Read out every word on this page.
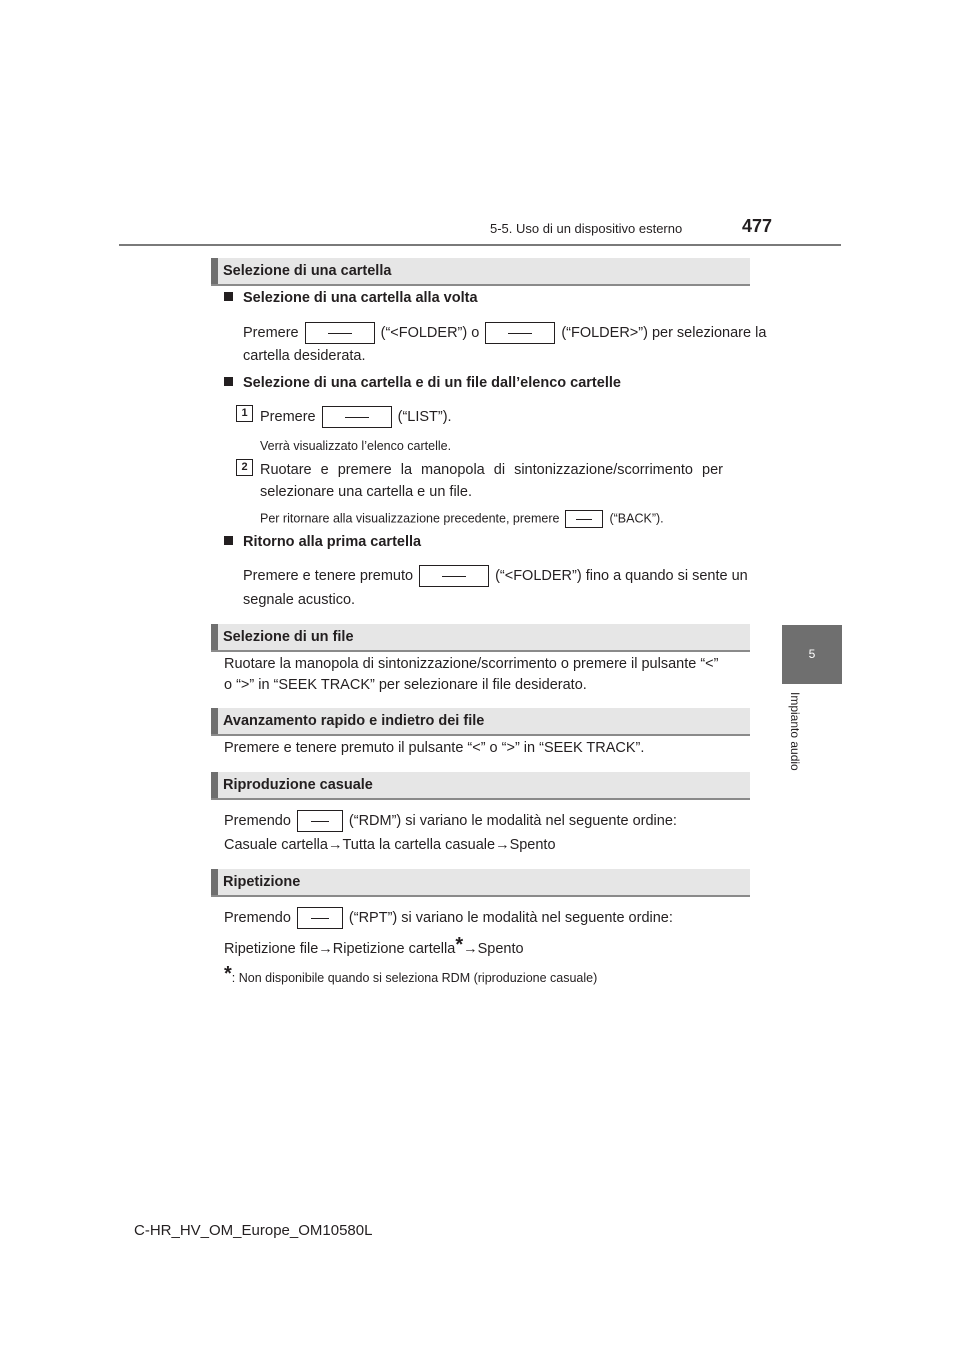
5-5. Uso di un dispositivo esterno	477
5
Impianto audio
Selezione di una cartella
Selezione di una cartella alla volta
Premere	(“<FOLDER”) o	(“FOLDER>”) per selezionare la
cartella desiderata.
Selezione di una cartella e di un file dall’elenco cartelle
1 Premere	(“LIST”).
Verrà visualizzato l’elenco cartelle.
2 Ruotare e premere la manopola di sintonizzazione/scorrimento per
selezionare una cartella e un file.
Per ritornare alla visualizzazione precedente, premere	(“BACK”).
Ritorno alla prima cartella
Premere e tenere premuto	(“<FOLDER”) fino a quando si sente un
segnale acustico.
Selezione di un file
Ruotare la manopola di sintonizzazione/scorrimento o premere il pulsante “<”
o “>” in “SEEK TRACK” per selezionare il file desiderato.
Avanzamento rapido e indietro dei file
Premere e tenere premuto il pulsante “<” o “>” in “SEEK TRACK”.
Riproduzione casuale
Premendo	(“RDM”) si variano le modalità nel seguente ordine:
Casuale cartella→Tutta la cartella casuale→Spento
Ripetizione
Premendo	(“RPT”) si variano le modalità nel seguente ordine:
Ripetizione file→Ripetizione cartella*→Spento
*: Non disponibile quando si seleziona RDM (riproduzione casuale)
C-HR_HV_OM_Europe_OM10580L
